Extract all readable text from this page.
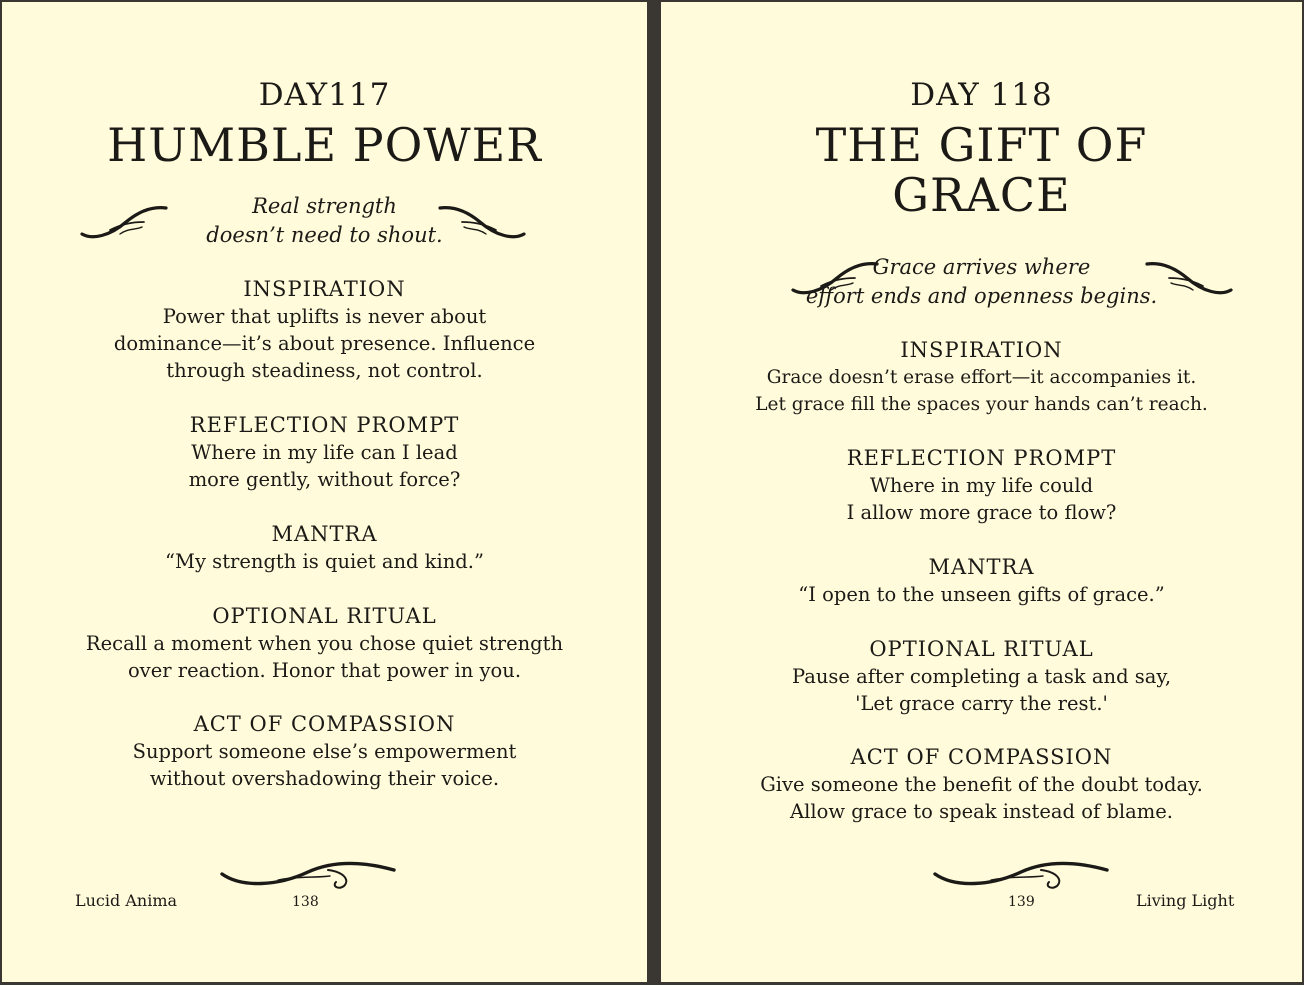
DAY117
HUMBLE POWER
Real strength
doesn’t need to shout.
INSPIRATION
Power that uplifts is never about
dominance—it’s about presence. Influence
through steadiness, not control.
REFLECTION PROMPT
Where in my life can I lead
more gently, without force?
MANTRA
“My strength is quiet and kind.”
OPTIONAL RITUAL
Recall a moment when you chose quiet strength
over reaction. Honor that power in you.
ACT OF COMPASSION
Support someone else’s empowerment
without overshadowing their voice.
Lucid Anima	138
DAY 118
THE GIFT OF
GRACE
Grace arrives where
effort ends and openness begins.
INSPIRATION
Grace doesn’t erase effort—it accompanies it.
Let grace fill the spaces your hands can’t reach.
REFLECTION PROMPT
Where in my life could
I allow more grace to flow?
MANTRA
“I open to the unseen gifts of grace.”
OPTIONAL RITUAL
Pause after completing a task and say,
'Let grace carry the rest.'
ACT OF COMPASSION
Give someone the benefit of the doubt today.
Allow grace to speak instead of blame.
139	Living Light
